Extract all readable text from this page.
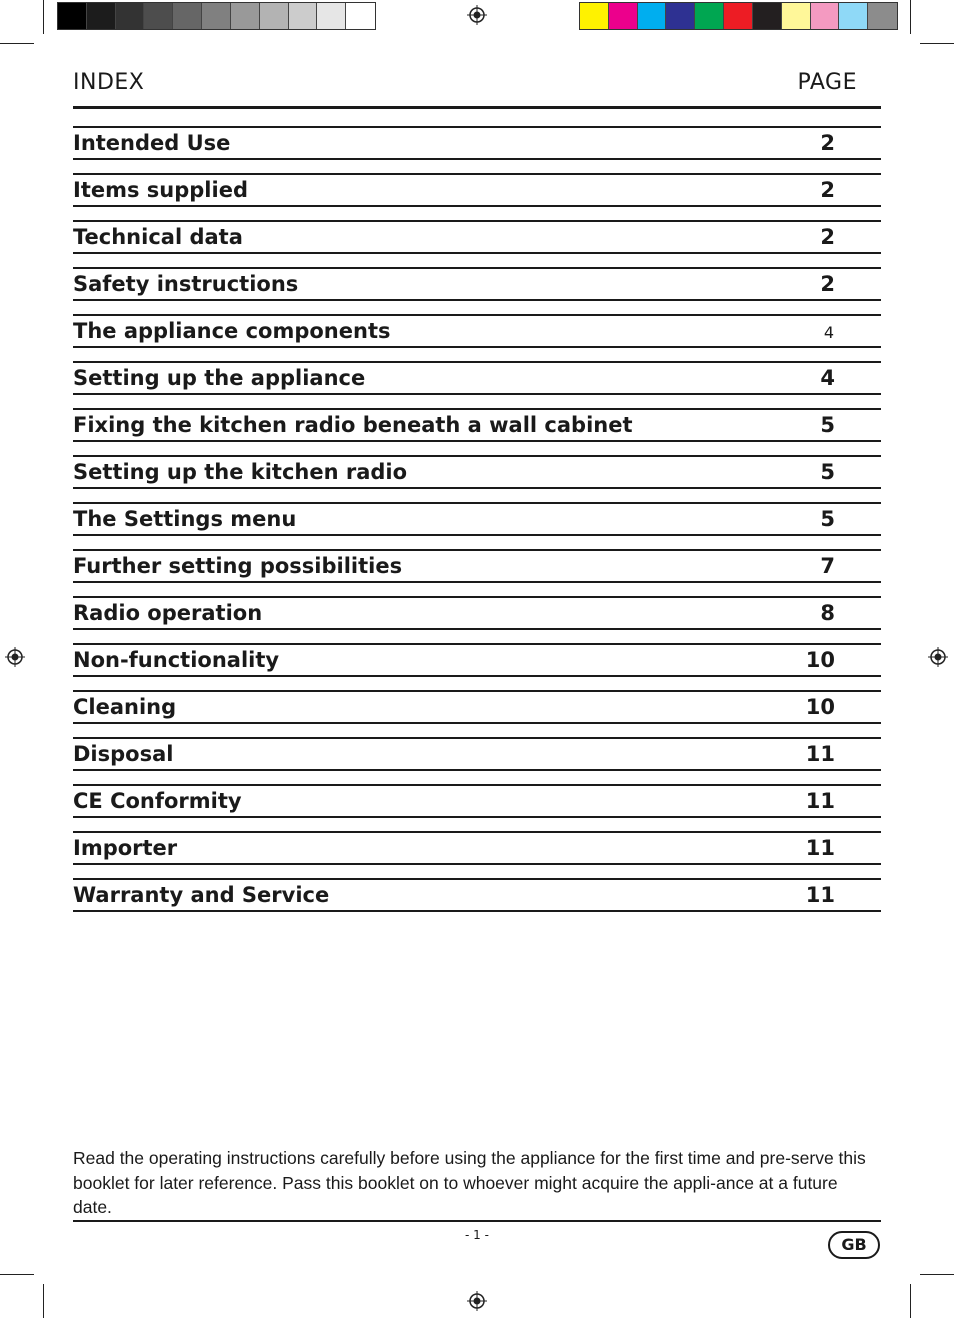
INDEX	PAGE
Intended Use	2
Items supplied	2
Technical data	2
Safety instructions	2
The appliance components	4
Setting up the appliance	4
Fixing the kitchen radio beneath a wall cabinet	5
Setting up the kitchen radio	5
The Settings menu	5
Further setting possibilities	7
Radio operation	8
Non-functionality	10
Cleaning	10
Disposal	11
CE Conformity	11
Importer	11
Warranty and Service	11
Read the operating instructions carefully before using the appliance for the first time and pre-serve this booklet for later reference. Pass this booklet on to whoever might acquire the appli-ance at a future date.
- 1 -	GB
